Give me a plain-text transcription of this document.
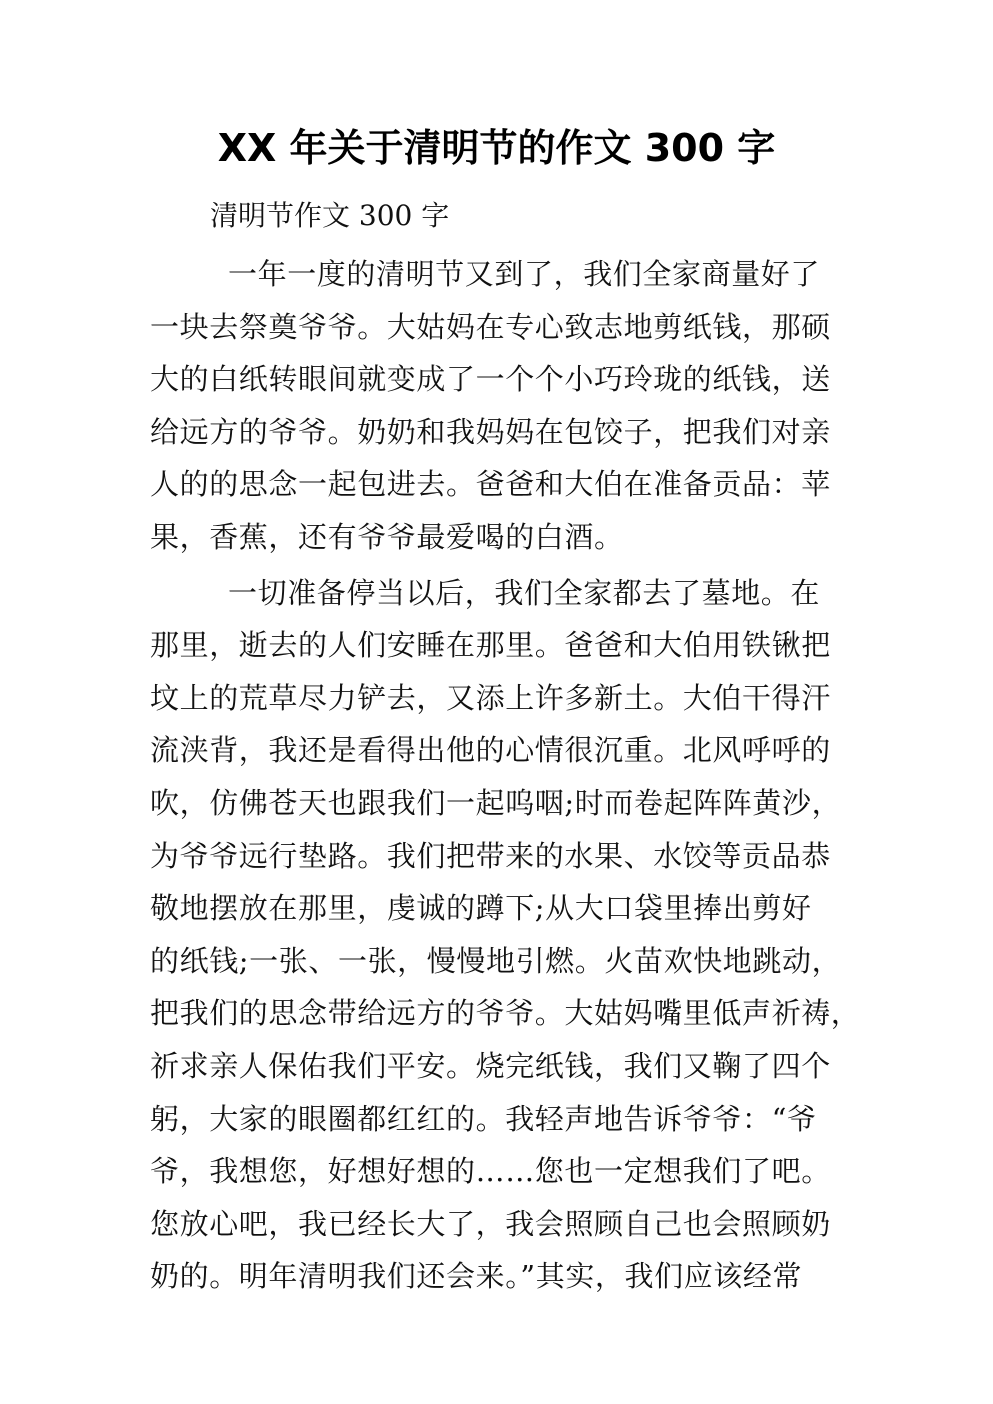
XX 年关于清明节的作文 300 字
清明节作文 300 字
一年一度的清明节又到了，我们全家商量好了
一块去祭奠爷爷。大姑妈在专心致志地剪纸钱，那硕
大的白纸转眼间就变成了一个个小巧玲珑的纸钱，送
给远方的爷爷。奶奶和我妈妈在包饺子，把我们对亲
人的的思念一起包进去。爸爸和大伯在准备贡品：苹
果，香蕉，还有爷爷最爱喝的白酒。
一切准备停当以后，我们全家都去了墓地。在
那里，逝去的人们安睡在那里。爸爸和大伯用铁锹把
坟上的荒草尽力铲去，又添上许多新土。大伯干得汗
流浃背，我还是看得出他的心情很沉重。北风呼呼的
吹，仿佛苍天也跟我们一起呜咽;时而卷起阵阵黄沙，
为爷爷远行垫路。我们把带来的水果、水饺等贡品恭
敬地摆放在那里，虔诚的蹲下;从大口袋里捧出剪好
的纸钱;一张、一张，慢慢地引燃。火苗欢快地跳动，
把我们的思念带给远方的爷爷。大姑妈嘴里低声祈祷，
祈求亲人保佑我们平安。烧完纸钱，我们又鞠了四个
躬，大家的眼圈都红红的。我轻声地告诉爷爷：“爷
爷，我想您，好想好想的……您也一定想我们了吧。
您放心吧，我已经长大了，我会照顾自己也会照顾奶
奶的。明年清明我们还会来。”其实，我们应该经常
